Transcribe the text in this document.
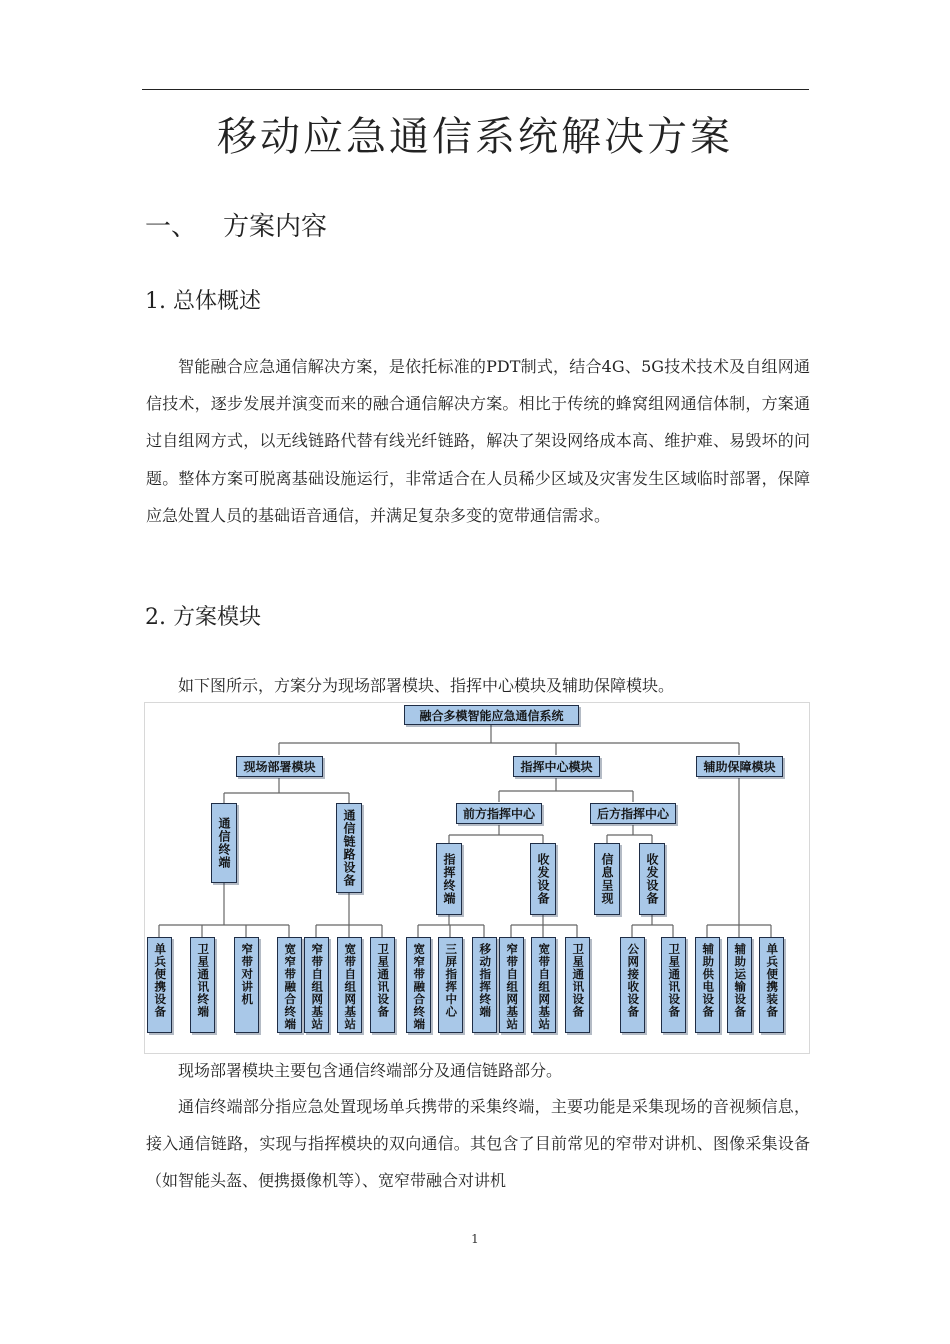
移动应急通信系统解决方案
一、 方案内容
1. 总体概述

智能融合应急通信解决方案，是依托标准的PDT制式，结合4G、5G技术技术及自组网通信技术，逐步发展并演变而来的融合通信解决方案。相比于传统的蜂窝组网通信体制，方案通过自组网方式，以无线链路代替有线光纤链路，解决了架设网络成本高、维护难、易毁坏的问题。整体方案可脱离基础设施运行，非常适合在人员稀少区域及灾害发生区域临时部署，保障应急处置人员的基础语音通信，并满足复杂多变的宽带通信需求。

2. 方案模块
如下图所示，方案分为现场部署模块、指挥中心模块及辅助保障模块。
融合多模智能应急通信系统
现场部署模块	指挥中心模块	辅助保障模块
通信终端	通信链路设备	前方指挥中心	后方指挥中心
指挥终端	收发设备	信息呈现	收发设备
单兵便携设备	卫星通讯终端	窄带对讲机	宽窄带融合终端	窄带自组网基站	宽带自组网基站	卫星通讯设备	宽窄带融合终端	三屏指挥中心	移动指挥终端	窄带自组网基站	宽带自组网基站	卫星通讯设备	公网接收设备	卫星通讯设备	辅助供电设备	辅助运输设备	单兵便携装备
现场部署模块主要包含通信终端部分及通信链路部分。

通信终端部分指应急处置现场单兵携带的采集终端，主要功能是采集现场的音视频信息，接入通信链路，实现与指挥模块的双向通信。其包含了目前常见的窄带对讲机、图像采集设备（如智能头盔、便携摄像机等）、宽窄带融合对讲机

1
